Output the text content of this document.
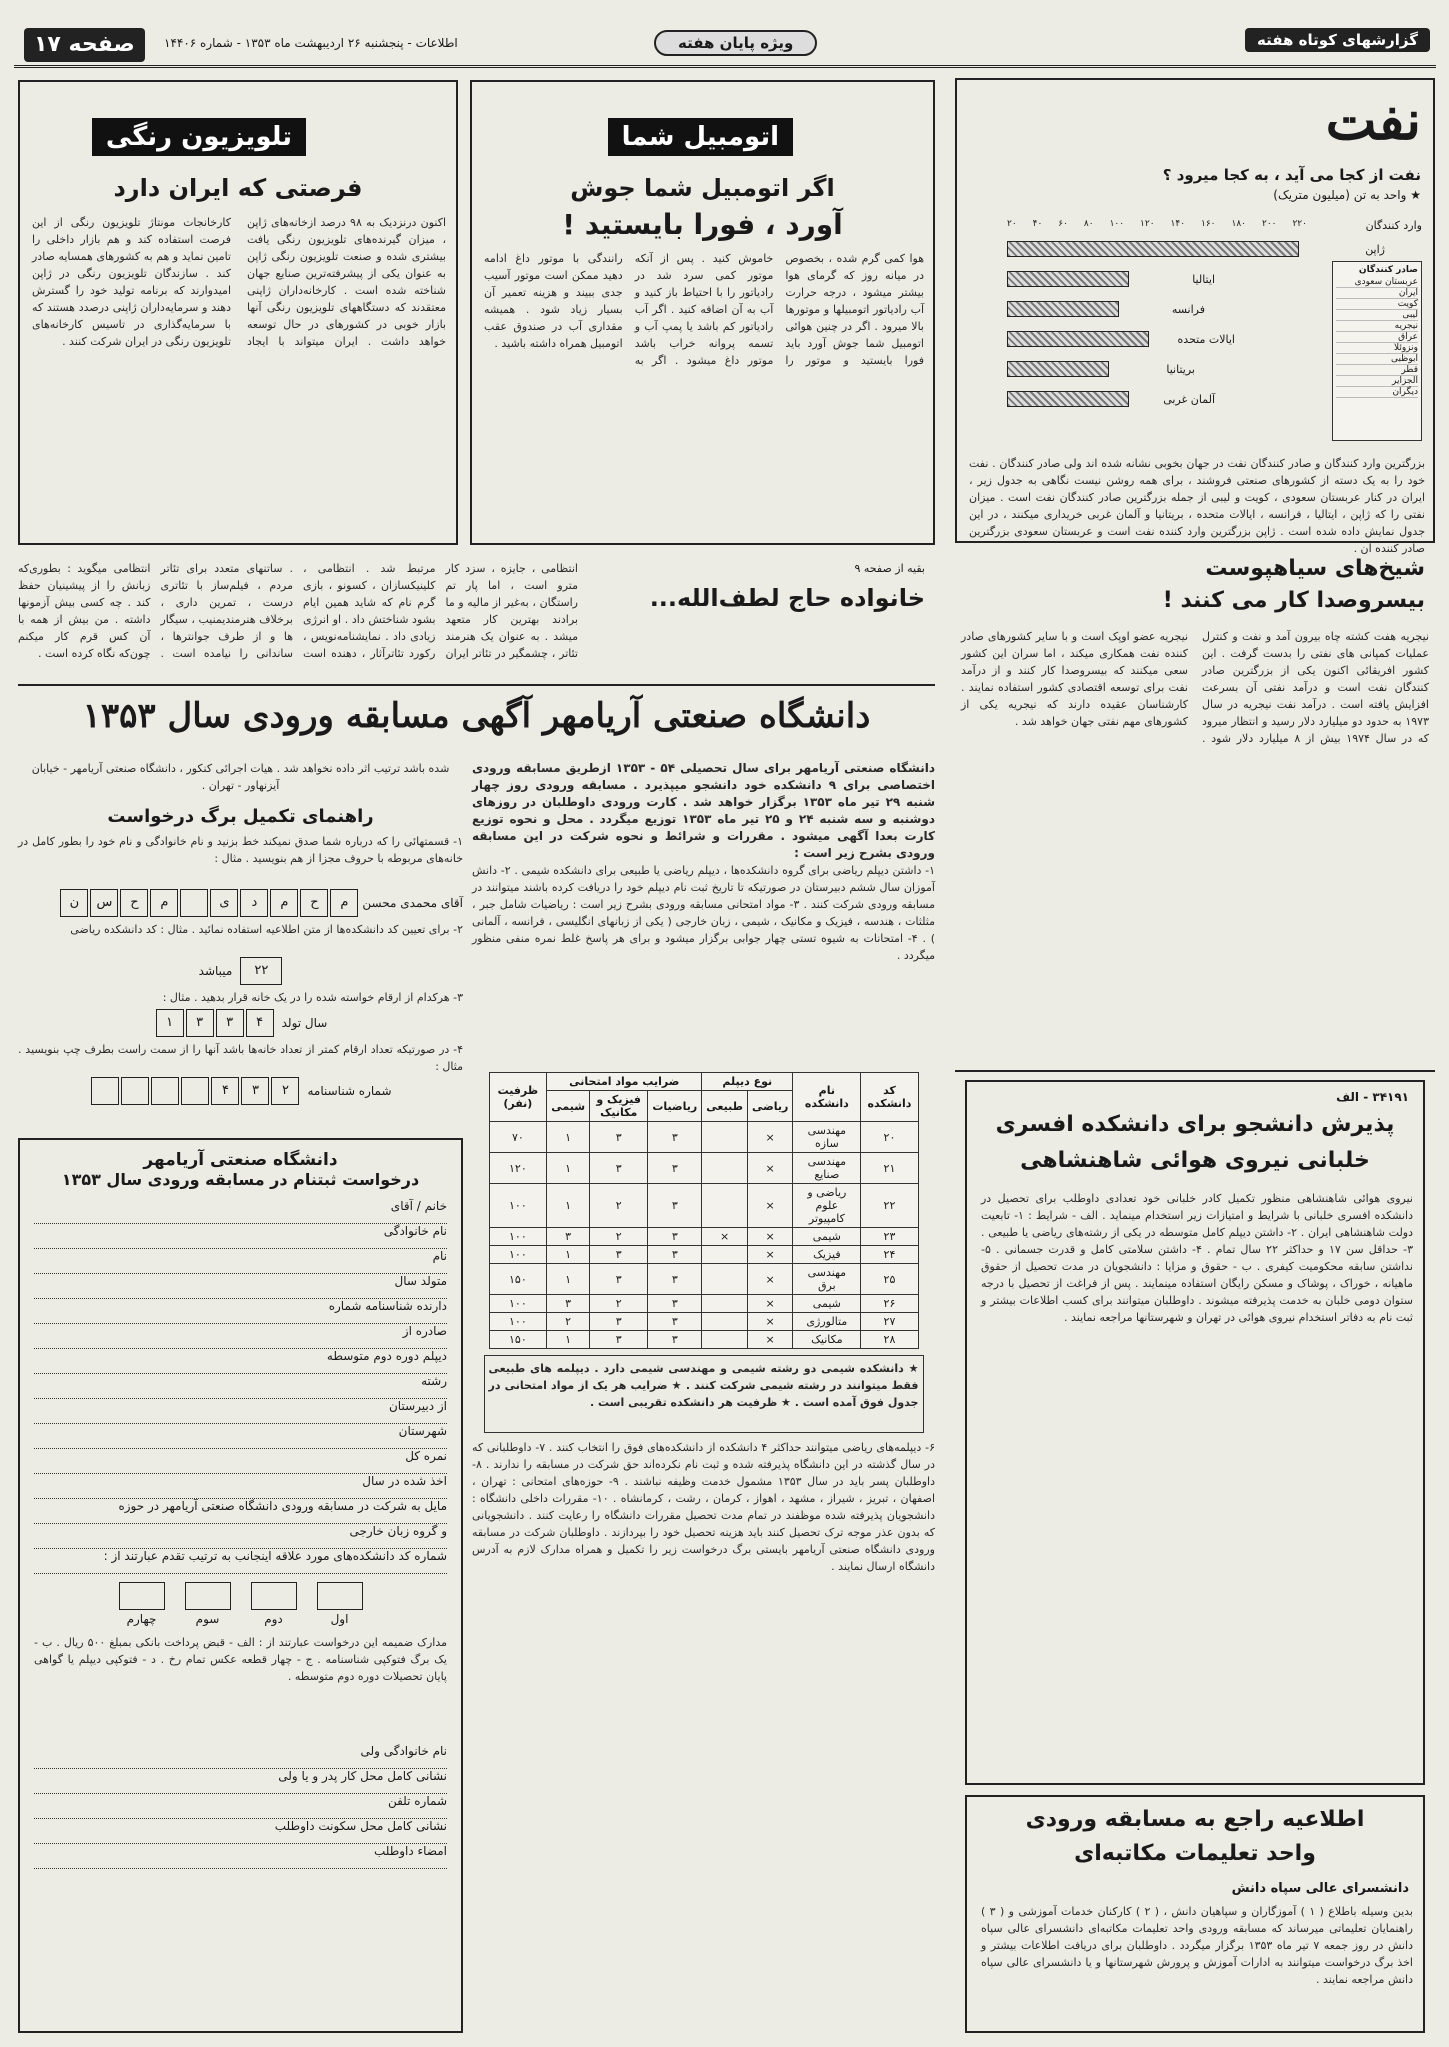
صفحه ۱۷	اطلاعات - پنجشنبه ۲۶ اردیبهشت ماه ۱۳۵۳ - شماره ۱۴۴۰۶	ویژه پایان هفته	گزارشهای کوتاه هفته
نفت
نفت از کجا می آید ، به کجا میرود ؟
★ واحد به تن (میلیون متریک)
وارد کنندگان
۲۰ ۴۰ ۶۰ ۸۰ ۱۰۰ ۱۲۰ ۱۴۰ ۱۶۰ ۱۸۰ ۲۰۰ ۲۲۰
ژاپن
ایتالیا
فرانسه
ایالات متحده
بریتانیا
آلمان غربی
صادر کنندگان
عربستان سعودی
ایران
کویت
لیبی
نیجریه
عراق
ونزوئلا
ابوظبی
قطر
الجزایر
دیگران
بزرگترین وارد کنندگان و صادر کنندگان نفت در جهان بخوبی نشانه شده اند ولی صادر کنندگان . نفت خود را به یک دسته از کشورهای صنعتی فروشند ، برای همه روشن نیست نگاهی به جدول زیر ، ایران در کنار عربستان سعودی ، کویت و لیبی از جمله بزرگترین صادر کنندگان نفت است . میزان نفتی را که ژاپن ، ایتالیا ، فرانسه ، ایالات متحده ، بریتانیا و آلمان غربی خریداری میکنند ، در این جدول نمایش داده شده است . ژاپن بزرگترین وارد کننده نفت است و عربستان سعودی بزرگترین صادر کننده آن .
تلویزیون رنگی
فرصتی که ایران دارد
اکنون درنزدیک به ۹۸ درصد ازخانه‌های ژاپن ، میزان گیرنده‌های تلویزیون رنگی یافت بیشتری شده و صنعت تلویزیون رنگی ژاپن به عنوان یکی از پیشرفته‌ترین صنایع جهان شناخته شده است . کارخانه‌داران ژاپنی معتقدند که دستگاههای تلویزیون رنگی آنها بازار خوبی در کشورهای در حال توسعه خواهد داشت . ایران میتواند با ایجاد کارخانجات مونتاژ تلویزیون رنگی از این فرصت استفاده کند و هم بازار داخلی را تامین نماید و هم به کشورهای همسایه صادر کند . سازندگان تلویزیون رنگی در ژاپن امیدوارند که برنامه تولید خود را گسترش دهند و سرمایه‌داران ژاپنی درصدد هستند که با سرمایه‌گذاری در تاسیس کارخانه‌های تلویزیون رنگی در ایران شرکت کنند .
اتومبیل شما
اگر اتومبیل شما جوش
آورد ، فورا بایستید !
هوا کمی گرم شده ، بخصوص در میانه روز که گرمای هوا بیشتر میشود ، درجه حرارت آب رادیاتور اتومبیلها و موتورها بالا میرود . اگر در چنین هوائی اتومبیل شما جوش آورد باید فورا بایستید و موتور را خاموش کنید . پس از آنکه موتور کمی سرد شد در رادیاتور را با احتیاط باز کنید و آب به آن اضافه کنید . اگر آب رادیاتور کم باشد یا پمپ آب و تسمه پروانه خراب باشد موتور داغ میشود . اگر به رانندگی با موتور داغ ادامه دهید ممکن است موتور آسیب جدی ببیند و هزینه تعمیر آن بسیار زیاد شود . همیشه مقداری آب در صندوق عقب اتومبیل همراه داشته باشید .
بقیه از صفحه ۹
خانواده حاج لطف‌الله...
انتظامی ، جایزه ، سزد کار مترو است ، اما پار تم راستگان ، به‌غیر از مالیه و ما برادند بهترین کار متعهد میشد . به عنوان یک هنرمند تئاتر ، چشمگیر در تئاتر ایران مرتبط شد . انتظامی ، کلینیکسازان ، کسونو ، بازی گرم‌ نام که شاید همین ایام بشود شناختش داد . او انرژی زیادی داد . نمایشنامه‌نویس ، رکورد تئاترآثار ، دهنده است . ساتنهای متعدد برای تئاتر مردم ، فیلم‌ساز با تئاتری درست ، تمرین داری ، برخلاف هنرمندیمنیب ، سیگار ها و از طرف جوانترها ، ساندانی را نیامده است . انتظامی میگوید : بطوری‌که زبانش را از پیشینیان حفظ کند . چه کسی بیش آزمونها داشته . من بیش از همه با آن کس قرم کار میکنم چون‌که نگاه کرده است .
دانشگاه صنعتی آریامهر آگهی مسابقه ورودی سال ۱۳۵۳
دانشگاه صنعتی آریامهر برای سال تحصیلی ۵۴ - ۱۳۵۳ ازطریق مسابقه ورودی اختصاصی برای ۹ دانشکده خود دانشجو میپذیرد . مسابقه ورودی روز چهار شنبه ۲۹ تیر ماه ۱۳۵۳ برگزار خواهد شد . کارت ورودی داوطلبان در روزهای دوشنبه و سه شنبه ۲۴ و ۲۵ تیر ماه ۱۳۵۳ توزیع میگردد . محل و نحوه توزیع کارت بعدا آگهی میشود . مقررات و شرائط و نحوه شرکت در این مسابقه ورودی بشرح زیر است :
۱- داشتن دیپلم ریاضی برای گروه دانشکده‌ها ، دیپلم ریاضی یا طبیعی برای دانشکده شیمی . ۲- دانش آموزان سال ششم دبیرستان در صورتیکه تا تاریخ ثبت نام دیپلم خود را دریافت کرده باشند میتوانند در مسابقه ورودی شرکت کنند . ۳- مواد امتحانی مسابقه ورودی بشرح زیر است : ریاضیات شامل جبر ، مثلثات ، هندسه ، فیزیک و مکانیک ، شیمی ، زبان خارجی ( یکی از زبانهای انگلیسی ، فرانسه ، آلمانی ) . ۴- امتحانات به شیوه تستی چهار جوابی برگزار میشود و برای هر پاسخ غلط نمره منفی منظور میگردد .
کد دانشکده	نام دانشکده	نوع دیپلم		ضرایب مواد امتحانی			ظرفیت (نفر)
		ریاضی	طبیعی	ریاضیات	فیزیک و مکانیک	شیمی	
۲۰	مهندسی سازه	×		۳	۳	۱	۷۰
۲۱	مهندسی صنایع	×		۳	۳	۱	۱۲۰
۲۲	ریاضی و علوم کامپیوتر	×		۳	۲	۱	۱۰۰
۲۳	شیمی	×	×	۳	۲	۳	۱۰۰
۲۴	فیزیک	×		۳	۳	۱	۱۰۰
۲۵	مهندسی برق	×		۳	۳	۱	۱۵۰
۲۶	شیمی	×		۳	۲	۳	۱۰۰
۲۷	متالورژی	×		۳	۳	۲	۱۰۰
۲۸	مکانیک	×		۳	۳	۱	۱۵۰
★ دانشکده شیمی دو رشته شیمی و مهندسی شیمی دارد . دیپلمه های طبیعی فقط میتوانند در رشته شیمی شرکت کنند . ★ ضرایب هر یک از مواد امتحانی در جدول فوق آمده است . ★ ظرفیت هر دانشکده تقریبی است .
۶- دیپلمه‌های ریاضی میتوانند حداکثر ۴ دانشکده از دانشکده‌های فوق را انتخاب کنند . ۷- داوطلبانی که در سال گذشته در این دانشگاه پذیرفته شده و ثبت نام نکرده‌اند حق شرکت در مسابقه را ندارند . ۸- داوطلبان پسر باید در سال ۱۳۵۳ مشمول خدمت وظیفه نباشند . ۹- حوزه‌های امتحانی : تهران ، اصفهان ، تبریز ، شیراز ، مشهد ، اهواز ، کرمان ، رشت ، کرمانشاه . ۱۰- مقررات داخلی دانشگاه : دانشجویان پذیرفته شده موظفند در تمام مدت تحصیل مقررات دانشگاه را رعایت کنند . دانشجویانی که بدون عذر موجه ترک تحصیل کنند باید هزینه تحصیل خود را بپردازند . داوطلبان شرکت در مسابقه ورودی دانشگاه صنعتی آریامهر بایستی برگ درخواست زیر را تکمیل و همراه مدارک لازم به آدرس دانشگاه ارسال نمایند .
شده باشد ترتیب اثر داده نخواهد شد . هیات اجرائی کنکور ، دانشگاه صنعتی آریامهر - خیابان آیزنهاور - تهران .
راهنمای تکمیل برگ درخواست
۱- قسمتهائی را که درباره شما صدق نمیکند خط بزنید و نام خانوادگی و نام خود را بطور کامل در خانه‌های مربوطه با حروف مجزا از هم بنویسید . مثال :
آقای محمدی محسن
م
ح
م
د
ی
م
ح
س
ن
۲- برای تعیین کد دانشکده‌ها از متن اطلاعیه استفاده نمائید . مثال : کد دانشکده ریاضی
۲۲
میباشد
۳- هرکدام از ارقام خواسته شده را در یک خانه قرار بدهید . مثال :
سال تولد
۱	۳	۳	۴
۴- در صورتیکه تعداد ارقام کمتر از تعداد خانه‌ها باشد آنها را از سمت راست بطرف چپ بنویسید . مثال :
شماره شناسنامه
۴	۳	۲
دانشگاه صنعتی آریامهر
درخواست ثبتنام در مسابقه ورودی سال ۱۳۵۳
خانم / آقای
نام خانوادگی
نام
متولد سال
دارنده شناسنامه شماره
صادره از
دیپلم دوره دوم متوسطه
رشته
از دبیرستان
شهرستان
نمره کل
اخذ شده در سال
مایل به شرکت در مسابقه ورودی دانشگاه صنعتی آریامهر در حوزه
و گروه زبان خارجی
شماره کد دانشکده‌های مورد علاقه اینجانب به ترتیب تقدم عبارتند از :
اول
دوم
سوم
چهارم
مدارک ضمیمه این درخواست عبارتند از : الف - قبض پرداخت بانکی بمبلغ ۵۰۰ ریال . ب - یک برگ فتوکپی شناسنامه . ج - چهار قطعه عکس تمام رخ . د - فتوکپی دیپلم یا گواهی پایان تحصیلات دوره دوم متوسطه .
نام خانوادگی ولی
نشانی کامل محل کار پدر و یا ولی
شماره تلفن
نشانی کامل محل سکونت داوطلب
امضاء داوطلب
شیخ‌های سیاهپوست
بیسروصدا کار می کنند !
نیجریه هفت کشته چاه بیرون آمد و نفت و کنترل عملیات کمپانی های نفتی را بدست گرفت . این کشور افریقائی اکنون یکی از بزرگترین صادر کنندگان نفت است و درآمد نفتی آن بسرعت افزایش یافته است . درآمد نفت نیجریه در سال ۱۹۷۳ به حدود دو میلیارد دلار رسید و انتظار میرود که در سال ۱۹۷۴ بیش از ۸ میلیارد دلار شود . نیجریه عضو اوپک است و با سایر کشورهای صادر کننده نفت همکاری میکند ، اما سران این کشور سعی میکنند که بیسروصدا کار کنند و از درآمد نفت برای توسعه اقتصادی کشور استفاده نمایند . کارشناسان عقیده دارند که نیجریه یکی از کشورهای مهم نفتی جهان خواهد شد .
۳۴۱۹۱ - الف
پذیرش دانشجو برای دانشکده افسری
خلبانی نیروی هوائی شاهنشاهی
نیروی هوائی شاهنشاهی منظور تکمیل کادر خلبانی خود تعدادی داوطلب برای تحصیل در دانشکده افسری خلبانی با شرایط و امتیازات زیر استخدام مینماید . الف - شرایط : ۱- تابعیت دولت شاهنشاهی ایران . ۲- داشتن دیپلم کامل متوسطه در یکی از رشته‌های ریاضی یا طبیعی . ۳- حداقل سن ۱۷ و حداکثر ۲۲ سال تمام . ۴- داشتن سلامتی کامل و قدرت جسمانی . ۵- نداشتن سابقه محکومیت کیفری . ب - حقوق و مزایا : دانشجویان در مدت تحصیل از حقوق ماهیانه ، خوراک ، پوشاک و مسکن رایگان استفاده مینمایند . پس از فراغت از تحصیل با درجه ستوان دومی خلبان به خدمت پذیرفته میشوند . داوطلبان میتوانند برای کسب اطلاعات بیشتر و ثبت نام به دفاتر استخدام نیروی هوائی در تهران و شهرستانها مراجعه نمایند .
اطلاعیه راجع به مسابقه ورودی
واحد تعلیمات مکاتبه‌ای
دانشسرای عالی سپاه دانش
بدین وسیله باطلاع ( ۱ ) آموزگاران و سپاهیان دانش ، ( ۲ ) کارکنان خدمات آموزشی و ( ۳ ) راهنمایان تعلیماتی میرساند که مسابقه ورودی واحد تعلیمات مکاتبه‌ای دانشسرای عالی سپاه دانش در روز جمعه ۷ تیر ماه ۱۳۵۳ برگزار میگردد . داوطلبان برای دریافت اطلاعات بیشتر و اخذ برگ درخواست میتوانند به ادارات آموزش و پرورش شهرستانها و یا دانشسرای عالی سپاه دانش مراجعه نمایند .
